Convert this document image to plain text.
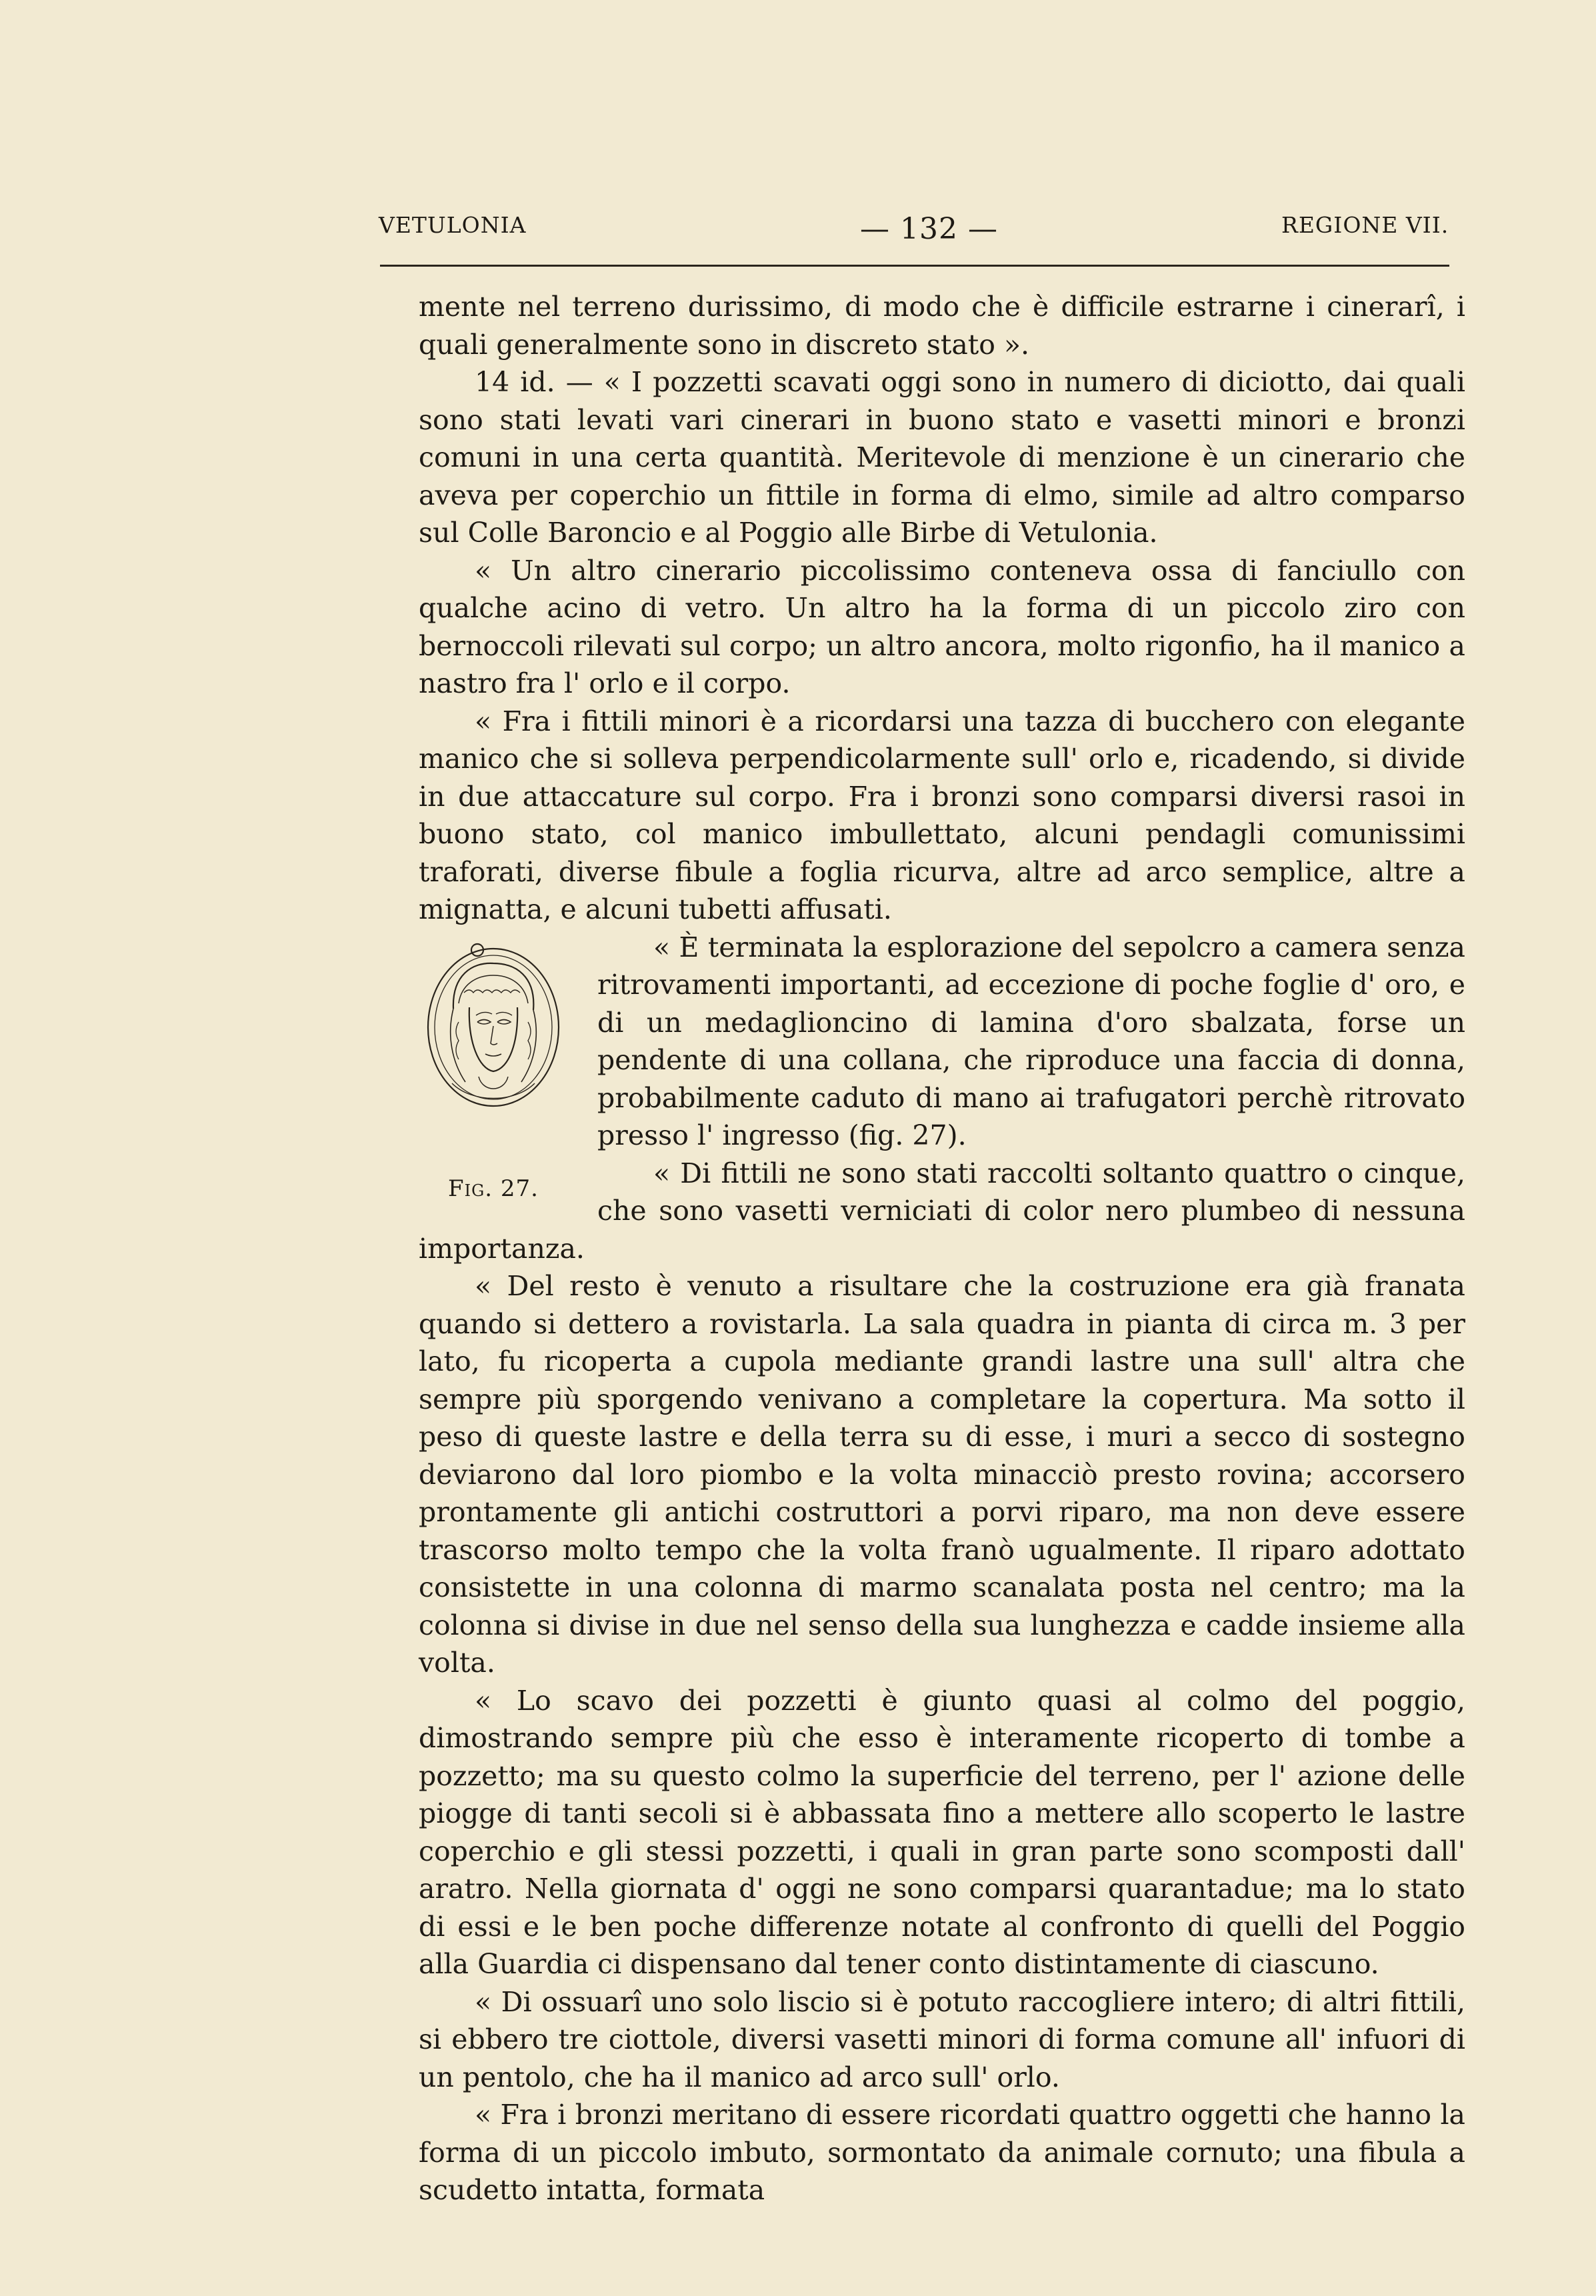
VETULONIA	— 132 —	REGIONE VII.

mente nel terreno durissimo, di modo che è difficile estrarne i cinerarî, i quali generalmente sono in discreto stato ».

14 id. — « I pozzetti scavati oggi sono in numero di diciotto, dai quali sono stati levati vari cinerari in buono stato e vasetti minori e bronzi comuni in una certa quantità. Meritevole di menzione è un cinerario che aveva per coperchio un fittile in forma di elmo, simile ad altro comparso sul Colle Baroncio e al Poggio alle Birbe di Vetulonia.

« Un altro cinerario piccolissimo conteneva ossa di fanciullo con qualche acino di vetro. Un altro ha la forma di un piccolo ziro con bernoccoli rilevati sul corpo; un altro ancora, molto rigonfio, ha il manico a nastro fra l' orlo e il corpo.

« Fra i fittili minori è a ricordarsi una tazza di bucchero con elegante manico che si solleva perpendicolarmente sull' orlo e, ricadendo, si divide in due attaccature sul corpo. Fra i bronzi sono comparsi diversi rasoi in buono stato, col manico imbullettato, alcuni pendagli comunissimi traforati, diverse fibule a foglia ricurva, altre ad arco semplice, altre a mignatta, e alcuni tubetti affusati.

Fig. 27.

« È terminata la esplorazione del sepolcro a camera senza ritrovamenti importanti, ad eccezione di poche foglie d' oro, e di un medaglioncino di lamina d'oro sbalzata, forse un pendente di una collana, che riproduce una faccia di donna, probabilmente caduto di mano ai trafugatori perchè ritrovato presso l' ingresso (fig. 27).

« Di fittili ne sono stati raccolti soltanto quattro o cinque, che sono vasetti verniciati di color nero plumbeo di nessuna importanza.

« Del resto è venuto a risultare che la costruzione era già franata quando si dettero a rovistarla. La sala quadra in pianta di circa m. 3 per lato, fu ricoperta a cupola mediante grandi lastre una sull' altra che sempre più sporgendo venivano a completare la copertura. Ma sotto il peso di queste lastre e della terra su di esse, i muri a secco di sostegno deviarono dal loro piombo e la volta minacciò presto rovina; accorsero prontamente gli antichi costruttori a porvi riparo, ma non deve essere trascorso molto tempo che la volta franò ugualmente. Il riparo adottato consistette in una colonna di marmo scanalata posta nel centro; ma la colonna si divise in due nel senso della sua lunghezza e cadde insieme alla volta.

« Lo scavo dei pozzetti è giunto quasi al colmo del poggio, dimostrando sempre più che esso è interamente ricoperto di tombe a pozzetto; ma su questo colmo la superficie del terreno, per l' azione delle piogge di tanti secoli si è abbassata fino a mettere allo scoperto le lastre coperchio e gli stessi pozzetti, i quali in gran parte sono scomposti dall' aratro. Nella giornata d' oggi ne sono comparsi quarantadue; ma lo stato di essi e le ben poche differenze notate al confronto di quelli del Poggio alla Guardia ci dispensano dal tener conto distintamente di ciascuno.

« Di ossuarî uno solo liscio si è potuto raccogliere intero; di altri fittili, si ebbero tre ciottole, diversi vasetti minori di forma comune all' infuori di un pentolo, che ha il manico ad arco sull' orlo.

« Fra i bronzi meritano di essere ricordati quattro oggetti che hanno la forma di un piccolo imbuto, sormontato da animale cornuto; una fibula a scudetto intatta, formata
